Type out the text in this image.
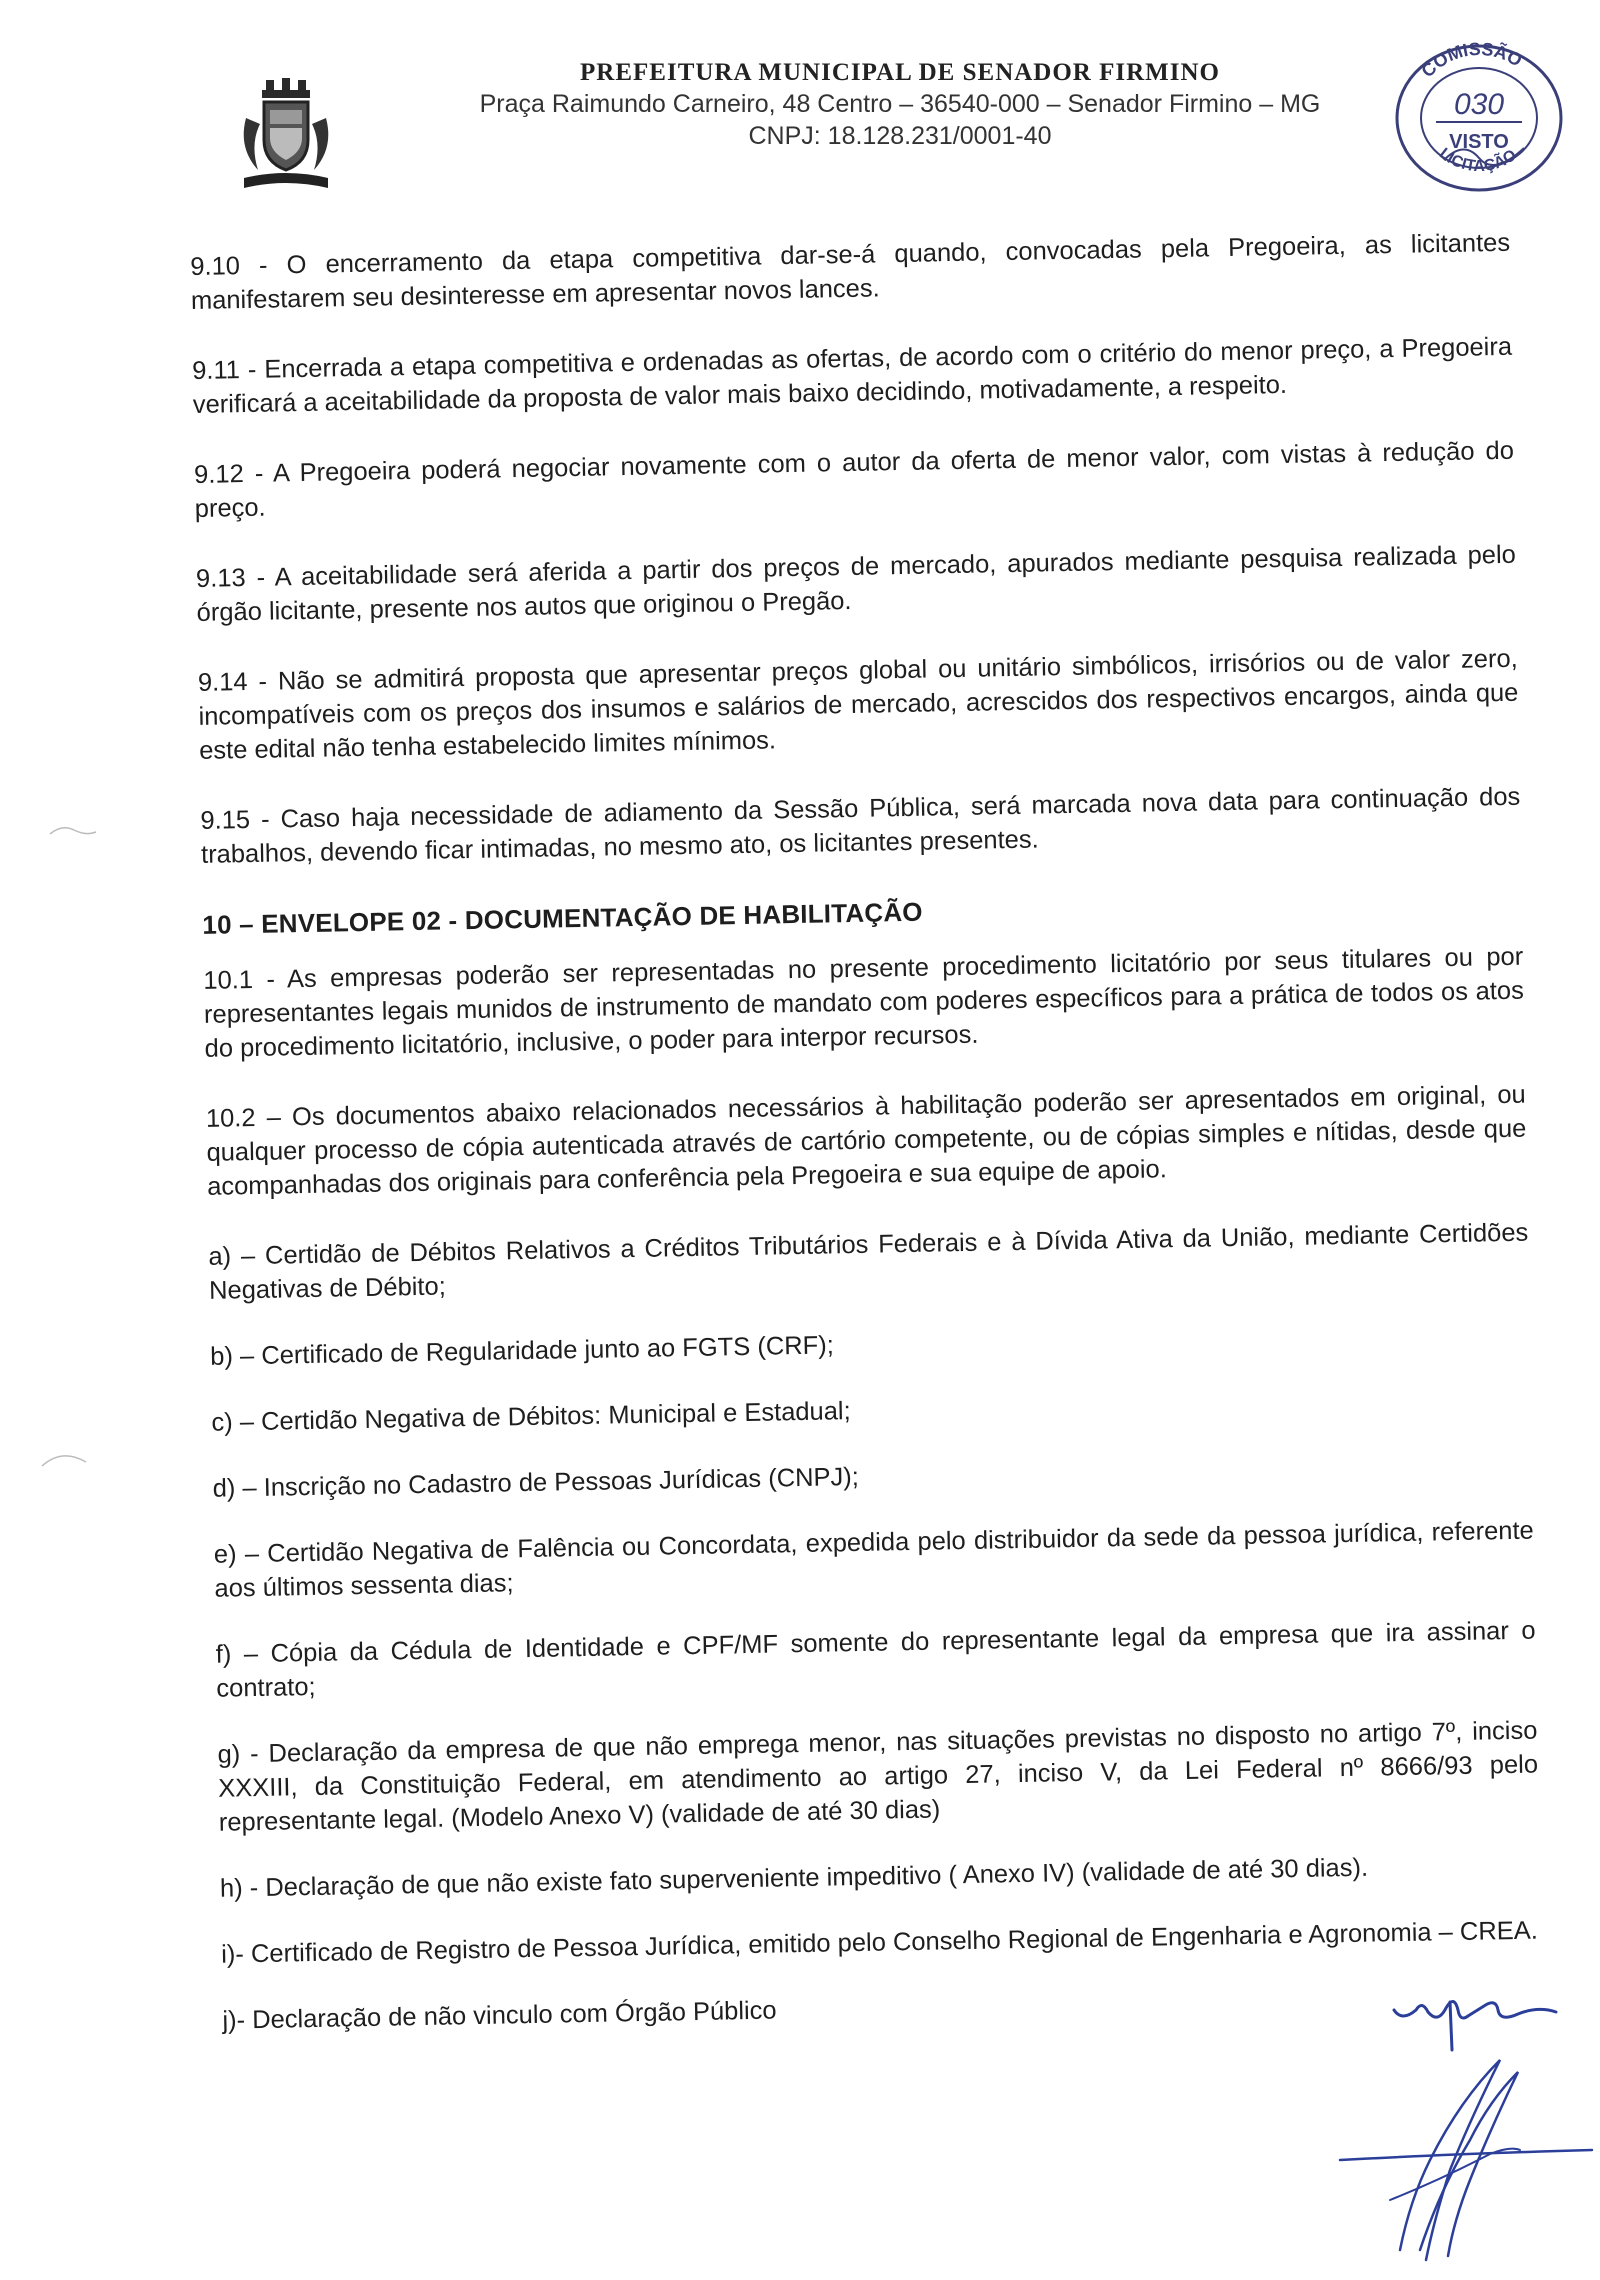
PREFEITURA MUNICIPAL DE SENADOR FIRMINO

Praça Raimundo Carneiro, 48 Centro – 36540-000 – Senador Firmino – MG

CNPJ: 18.128.231/0001-40

COMISSÃO
030
VISTO
LICITAÇÃO

9.10 - O encerramento da etapa competitiva dar-se-á quando, convocadas pela Pregoeira, as licitantes manifestarem seu desinteresse em apresentar novos lances.

9.11 - Encerrada a etapa competitiva e ordenadas as ofertas, de acordo com o critério do menor preço, a Pregoeira verificará a aceitabilidade da proposta de valor mais baixo decidindo, motivadamente, a respeito.

9.12 - A Pregoeira poderá negociar novamente com o autor da oferta de menor valor, com vistas à redução do preço.

9.13 - A aceitabilidade será aferida a partir dos preços de mercado, apurados mediante pesquisa realizada pelo órgão licitante, presente nos autos que originou o Pregão.

9.14 - Não se admitirá proposta que apresentar preços global ou unitário simbólicos, irrisórios ou de valor zero, incompatíveis com os preços dos insumos e salários de mercado, acrescidos dos respectivos encargos, ainda que este edital não tenha estabelecido limites mínimos.

9.15 - Caso haja necessidade de adiamento da Sessão Pública, será marcada nova data para continuação dos trabalhos, devendo ficar intimadas, no mesmo ato, os licitantes presentes.

10 – ENVELOPE 02 - DOCUMENTAÇÃO DE HABILITAÇÃO

10.1 - As empresas poderão ser representadas no presente procedimento licitatório por seus titulares ou por representantes legais munidos de instrumento de mandato com poderes específicos para a prática de todos os atos do procedimento licitatório, inclusive, o poder para interpor recursos.

10.2 – Os documentos abaixo relacionados necessários à habilitação poderão ser apresentados em original, ou qualquer processo de cópia autenticada através de cartório competente, ou de cópias simples e nítidas, desde que acompanhadas dos originais para conferência pela Pregoeira e sua equipe de apoio.

a) – Certidão de Débitos Relativos a Créditos Tributários Federais e à Dívida Ativa da União, mediante Certidões Negativas de Débito;

b) – Certificado de Regularidade junto ao FGTS (CRF);

c) – Certidão Negativa de Débitos: Municipal e Estadual;

d) – Inscrição no Cadastro de Pessoas Jurídicas (CNPJ);

e) – Certidão Negativa de Falência ou Concordata, expedida pelo distribuidor da sede da pessoa jurídica, referente aos últimos sessenta dias;

f) – Cópia da Cédula de Identidade e CPF/MF somente do representante legal da empresa que ira assinar o contrato;

g) - Declaração da empresa de que não emprega menor, nas situações previstas no disposto no artigo 7º, inciso XXXIII, da Constituição Federal, em atendimento ao artigo 27, inciso V, da Lei Federal nº 8666/93 pelo representante legal. (Modelo Anexo V) (validade de até 30 dias)

h) - Declaração de que não existe fato superveniente impeditivo ( Anexo IV) (validade de até 30 dias).

i)- Certificado de Registro de Pessoa Jurídica, emitido pelo Conselho Regional de Engenharia e Agronomia – CREA.

j)- Declaração de não vinculo com Órgão Público
